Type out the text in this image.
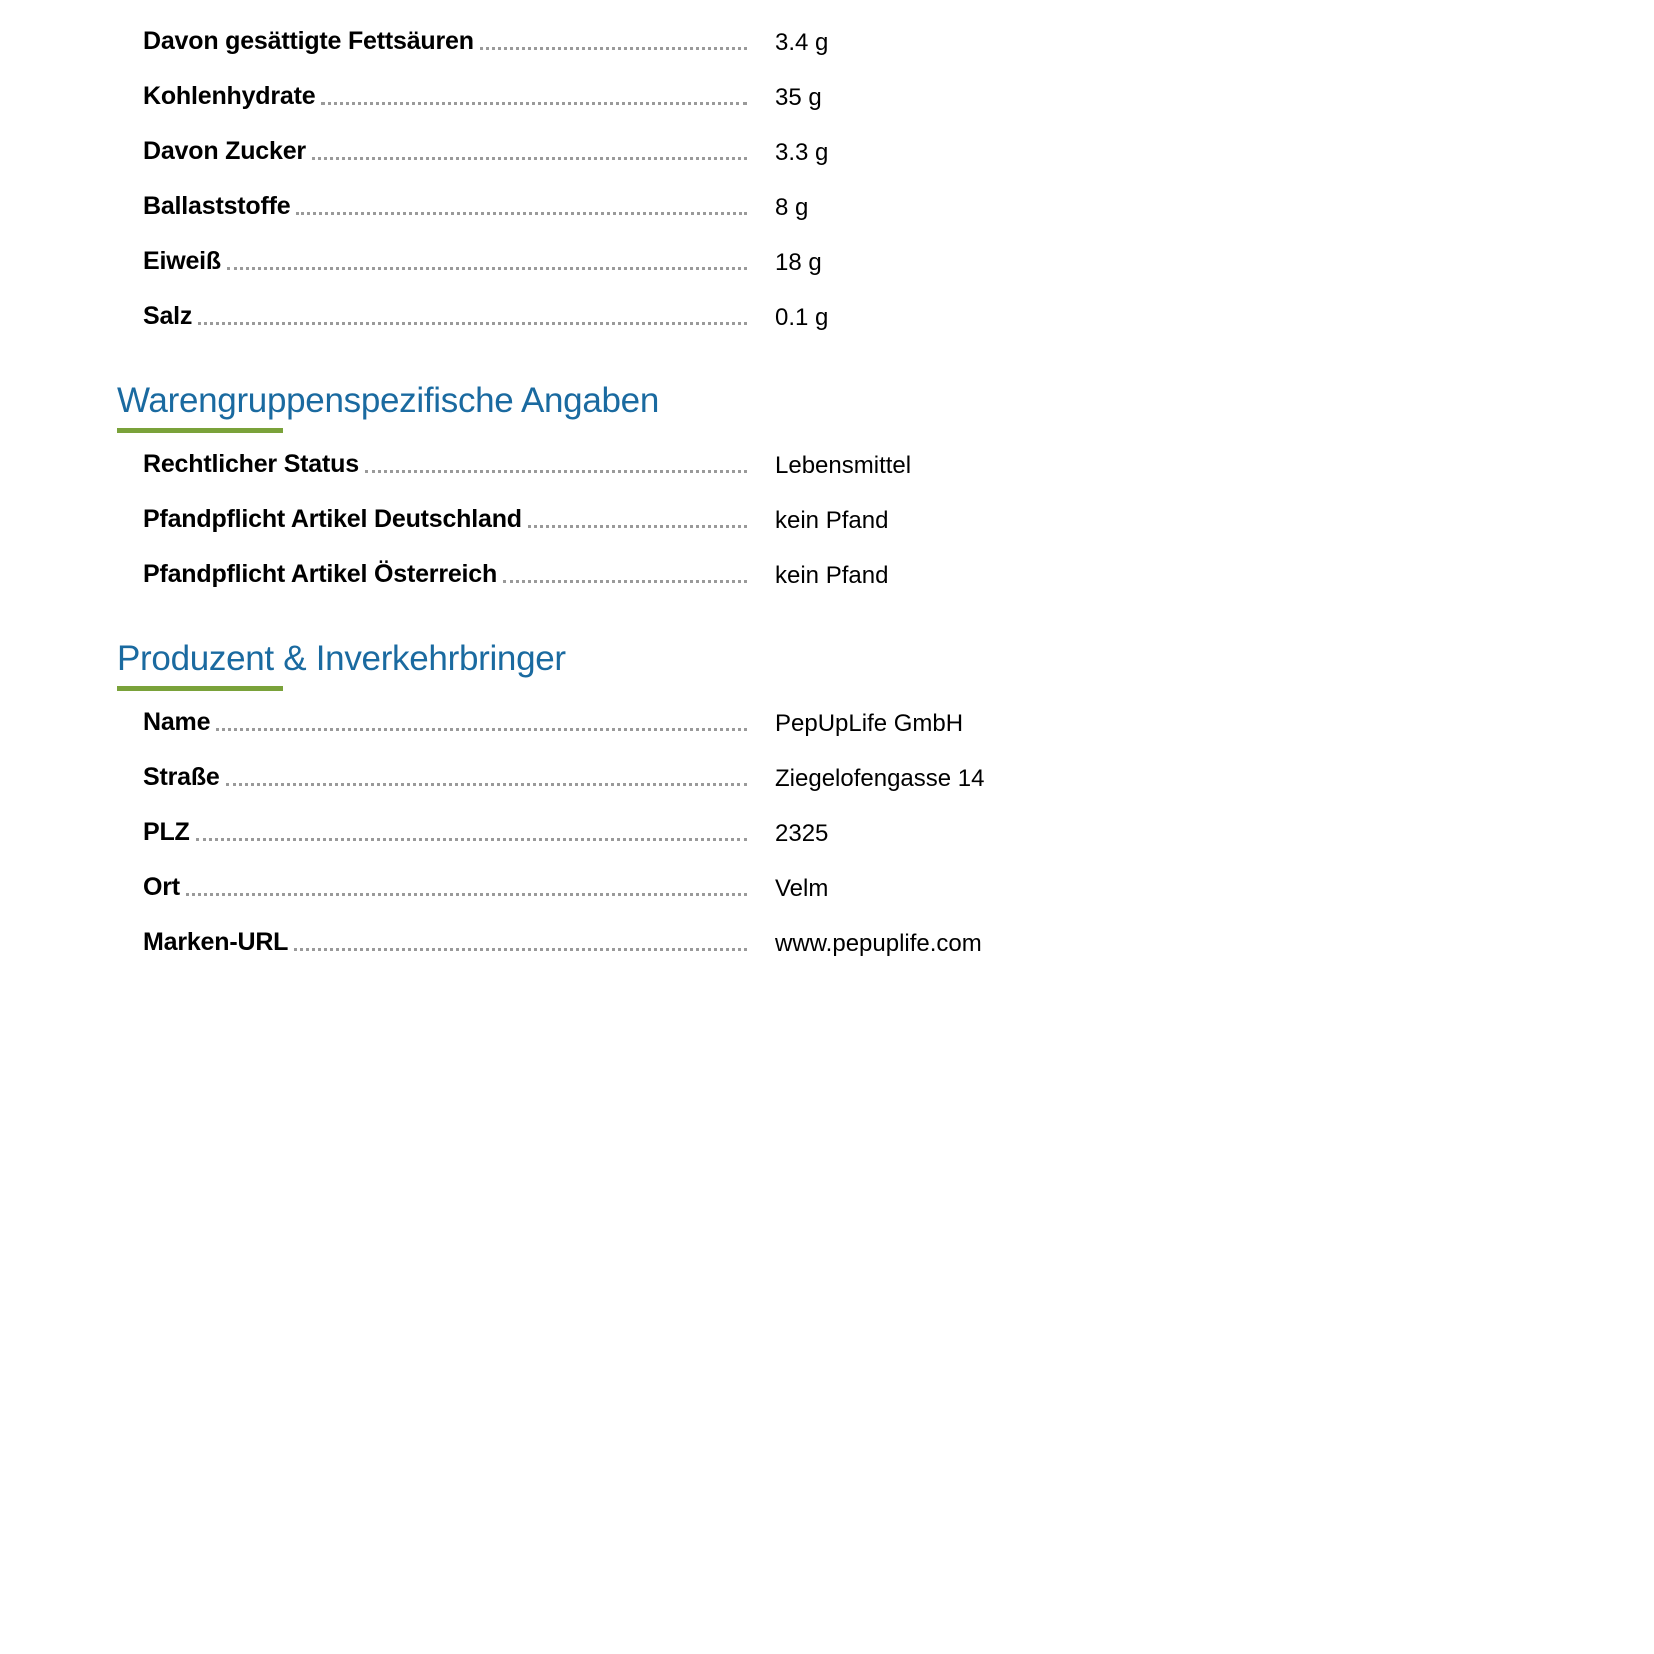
Davon gesättigte Fettsäuren	3.4 g
Kohlenhydrate	35 g
Davon Zucker	3.3 g
Ballaststoffe	8 g
Eiweiß	18 g
Salz	0.1 g
Warengruppenspezifische Angaben
Rechtlicher Status	Lebensmittel
Pfandpflicht Artikel Deutschland	kein Pfand
Pfandpflicht Artikel Österreich	kein Pfand
Produzent & Inverkehrbringer
Name	PepUpLife GmbH
Straße	Ziegelofengasse 14
PLZ	2325
Ort	Velm
Marken-URL	www.pepuplife.com
